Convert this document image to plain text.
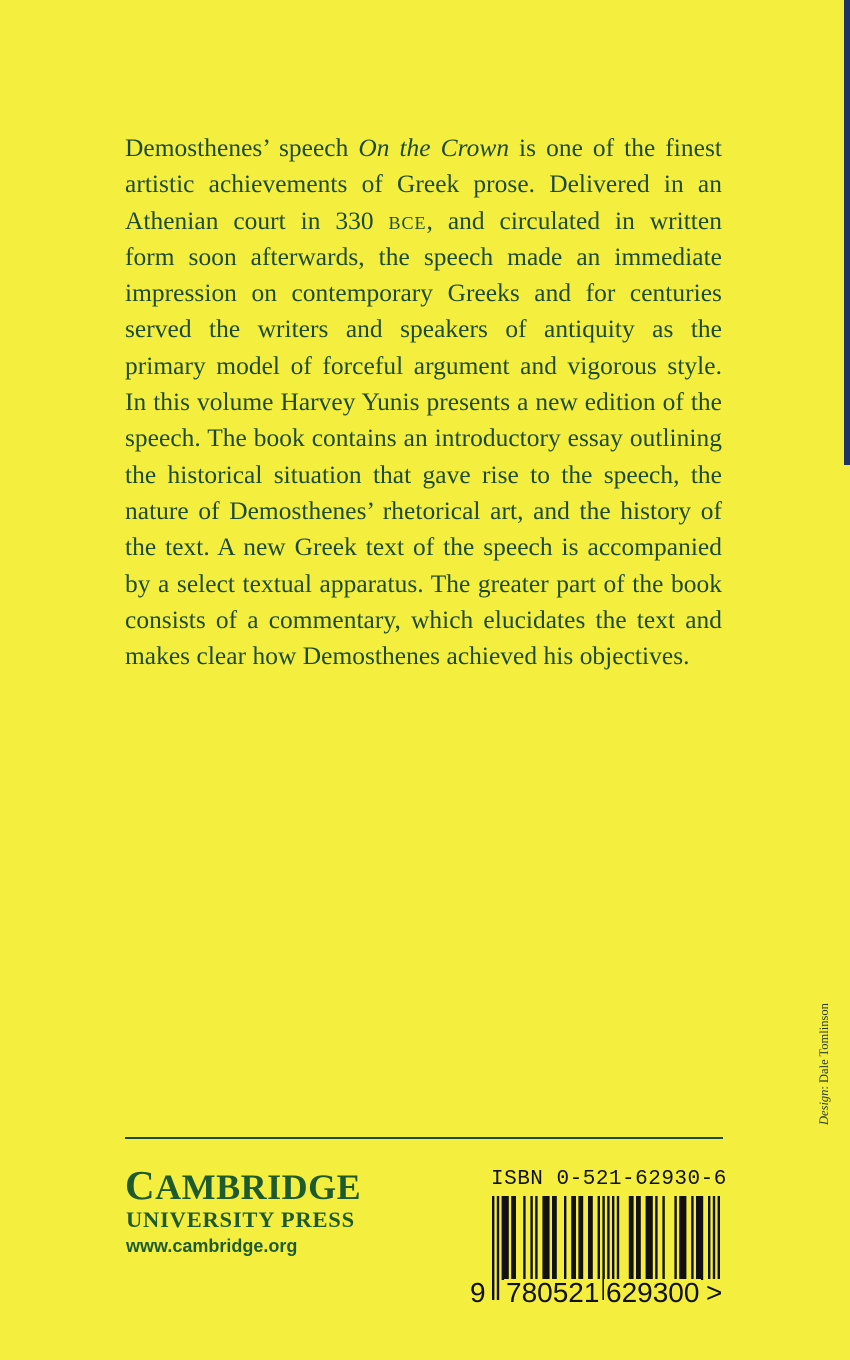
Demosthenes’ speech On the Crown is one of the finest
artistic achievements of Greek prose. Delivered in an
Athenian court in 330 bce, and circulated in written
form soon afterwards, the speech made an immediate
impression on contemporary Greeks and for centuries
served the writers and speakers of antiquity as the
primary model of forceful argument and vigorous style.
In this volume Harvey Yunis presents a new edition of the
speech. The book contains an introductory essay outlining
the historical situation that gave rise to the speech, the
nature of Demosthenes’ rhetorical art, and the history of
the text. A new Greek text of the speech is accompanied
by a select textual apparatus. The greater part of the book
consists of a commentary, which elucidates the text and
makes clear how Demosthenes achieved his objectives.

Design: Dale Tomlinson
CAMBRIDGE
UNIVERSITY PRESS
www.cambridge.org
ISBN 0-521-62930-6
9 780521 629300 >
